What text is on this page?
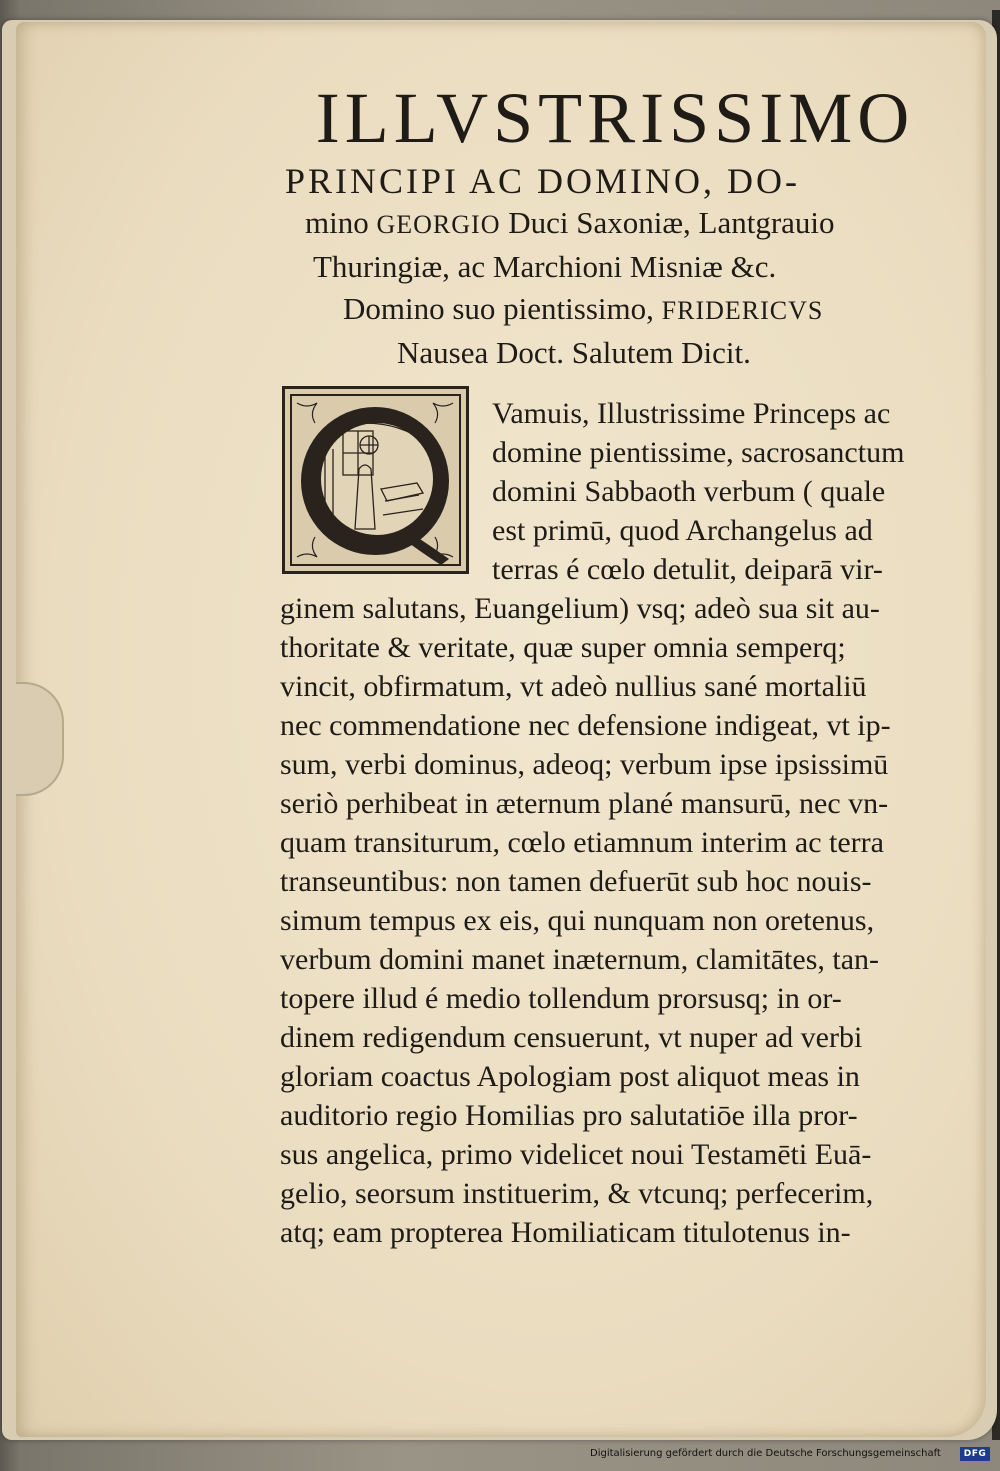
ILLVSTRISSIMO
PRINCIPI AC DOMINO, DO-
mino GEORGIO Duci Saxoniæ, Lantgrauio
Thuringiæ, ac Marchioni Misniæ &c.
Domino suo pientissimo, FRIDERICVS
Nausea Doct. Salutem Dicit.
Vamuis, Illustrissime Princeps ac
domine pientissime, sacrosanctum
domini Sabbaoth verbum ( quale
est primū, quod Archangelus ad
terras é cœlo detulit, deiparā vir-
ginem salutans, Euangelium) vsq; adeò sua sit au-
thoritate & veritate, quæ super omnia semperq;
vincit, obfirmatum, vt adeò nullius sané mortaliū
nec commendatione nec defensione indigeat, vt ip-
sum, verbi dominus, adeoq; verbum ipse ipsissimū
seriò perhibeat in æternum plané mansurū, nec vn-
quam transiturum, cœlo etiamnum interim ac terra
transeuntibus: non tamen defuerūt sub hoc nouis-
simum tempus ex eis, qui nunquam non oretenus,
verbum domini manet inæternum, clamitātes, tan-
topere illud é medio tollendum prorsusq; in or-
dinem redigendum censuerunt, vt nuper ad verbi
gloriam coactus Apologiam post aliquot meas in
auditorio regio Homilias pro salutatiōe illa pror-
sus angelica, primo videlicet noui Testamēti Euā-
gelio, seorsum instituerim, & vtcunq; perfecerim,
atq; eam propterea Homiliaticam titulotenus in-
Digitalisierung gefördert durch die Deutsche Forschungsgemeinschaft	DFG
